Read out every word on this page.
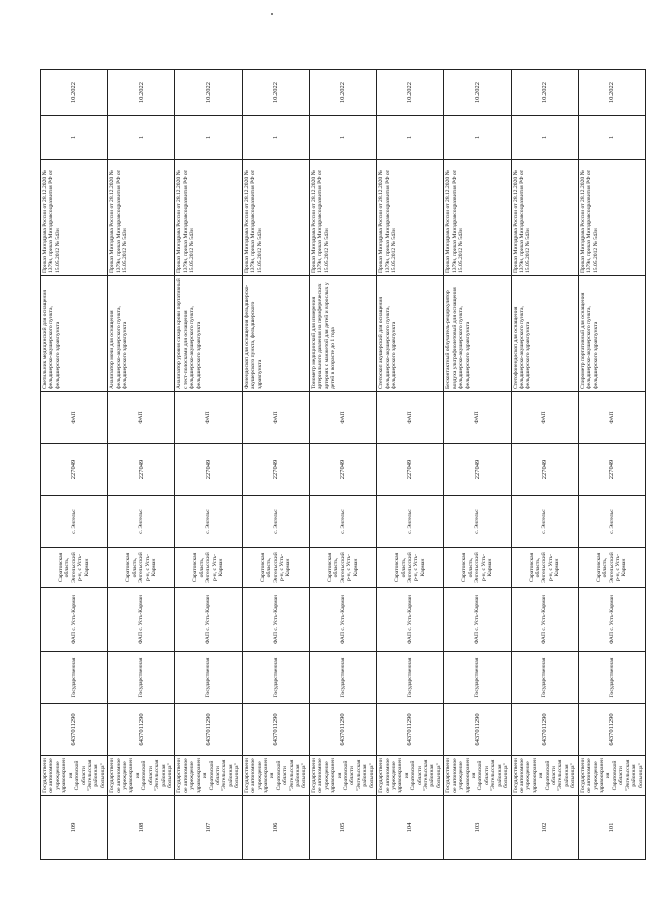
109	Государственное автономное учреждение здравоохранения Саратовской области "Энгельсская районная больница"	6437011290	Государственная	ФАП с. Усть-Карман	Саратовская область, Энгельсский р-н, с Усть-Карман	с. Энгельс	227049	ФАП	Светильник медицинский для оснащения фельдшерско-акушерского пункта, фельдшерского здравпункта	Приказ Минздрава России от 28.12.2020 № 1379н, приказ Минздравсоцразвития РФ от 15.05.2012 № 543н	1	10.2022
108	Государственное автономное учреждение здравоохранения Саратовской области "Энгельсская районная больница"	6437011290	Государственная	ФАП с. Усть-Карман	Саратовская область, Энгельсский р-н, с Усть-Карман	с. Энгельс	227049	ФАП	Анализатор мочи для оснащения фельдшерско-акушерского пункта, фельдшерского здравпункта	Приказ Минздрава России от 28.12.2020 № 1379н, приказ Минздравсоцразвития РФ от 15.05.2012 № 543н	1	10.2022
107	Государственное автономное учреждение здравоохранения Саратовской области "Энгельсская районная больница"	6437011290	Государственная	ФАП с. Усть-Карман	Саратовская область, Энгельсский р-н, с Усть-Карман	с. Энгельс	227049	ФАП	Анализатор уровня сахара крови портативный с тест-полосками для оснащения фельдшерско-акушерского пункта, фельдшерского здравпункта	Приказ Минздрава России от 28.12.2020 № 1379н, приказ Минздравсоцразвития РФ от 15.05.2012 № 543н	1	10.2022
106	Государственное автономное учреждение здравоохранения Саратовской области "Энгельсская районная больница"	6437011290	Государственная	ФАП с. Усть-Карман	Саратовская область, Энгельсский р-н, с Усть-Карман	с. Энгельс	227049	ФАП	Фонендоскоп для оснащения фельдшерско-акушерского пункта, фельдшерского здравпункта	Приказ Минздрава России от 28.12.2020 № 1379н, приказ Минздравсоцразвития РФ от 15.05.2012 № 543н	1	10.2022
105	Государственное автономное учреждение здравоохранения Саратовской области "Энгельсская районная больница"	6437011290	Государственная	ФАП с. Усть-Карман	Саратовская область, Энгельсский р-н, с Усть-Карман	с. Энгельс	227049	ФАП	Тонометр медицинский для измерения артериального давления на периферических артериях с манжетой для детей и взрослых у детей в возрасте до 1 года	Приказ Минздрава России от 28.12.2020 № 1379н, приказ Минздравсоцразвития РФ от 15.05.2012 № 543н	1	10.2022
104	Государственное автономное учреждение здравоохранения Саратовской области "Энгельсская районная больница"	6437011290	Государственная	ФАП с. Усть-Карман	Саратовская область, Энгельсский р-н, с Усть-Карман	с. Энгельс	227049	ФАП	Стетоскоп акушерский для оснащения фельдшерско-акушерского пункта, фельдшерского здравпункта	Приказ Минздрава России от 28.12.2020 № 1379н, приказ Минздравсоцразвития РФ от 15.05.2012 № 543н	1	10.2022
103	Государственное автономное учреждение здравоохранения Саратовской области "Энгельсская районная больница"	6437011290	Государственная	ФАП с. Усть-Карман	Саратовская область, Энгельсский р-н, с Усть-Карман	с. Энгельс	227049	ФАП	Бесконтактный облучатель-рециркулятор воздуха ультрафиолетовый для оснащения фельдшерско-акушерского пункта, фельдшерского здравпункта	Приказ Минздрава России от 28.12.2020 № 1379н, приказ Минздравсоцразвития РФ от 15.05.2012 № 543н	1	10.2022
102	Государственное автономное учреждение здравоохранения Саратовской области "Энгельсская районная больница"	6437011290	Государственная	ФАП с. Усть-Карман	Саратовская область, Энгельсский р-н, с Усть-Карман	с. Энгельс	227049	ФАП	Стетофонендоскоп для оснащения фельдшерско-акушерского пункта, фельдшерского здравпункта	Приказ Минздрава России от 28.12.2020 № 1379н, приказ Минздравсоцразвития РФ от 15.05.2012 № 543н	1	10.2022
101	Государственное автономное учреждение здравоохранения Саратовской области "Энгельсская районная больница"	6437011290	Государственная	ФАП с. Усть-Карман	Саратовская область, Энгельсский р-н, с Усть-Карман	с. Энгельс	227049	ФАП	Спирометр портативный для оснащения фельдшерско-акушерского пункта, фельдшерского здравпункта	Приказ Минздрава России от 28.12.2020 № 1379н, приказ Минздравсоцразвития РФ от 15.05.2012 № 543н	1	10.2022
